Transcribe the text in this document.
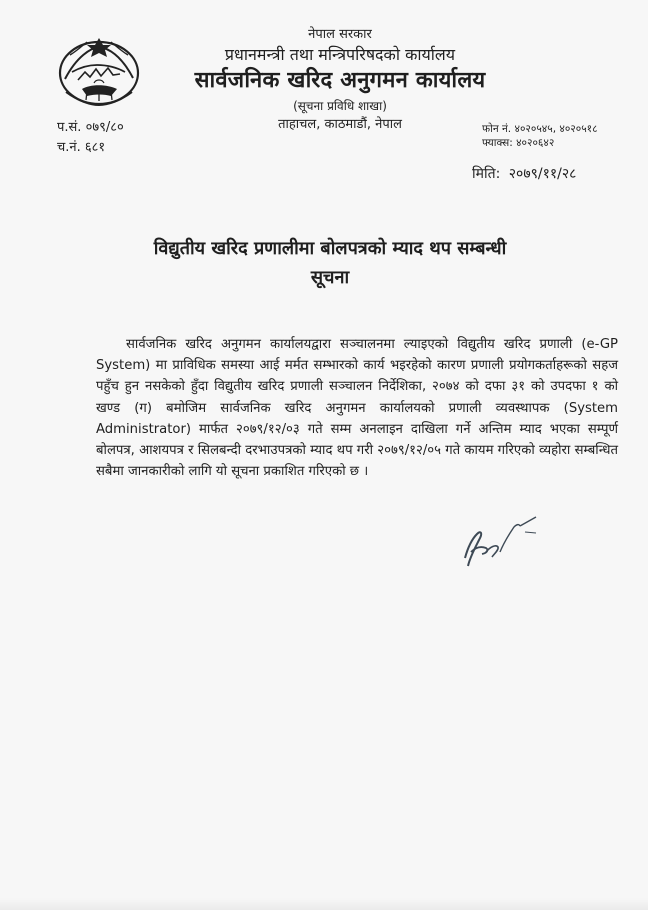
नेपाल सरकार
प्रधानमन्त्री तथा मन्त्रिपरिषदको कार्यालय
सार्वजनिक खरिद अनुगमन कार्यालय
(सूचना प्रविधि शाखा)
ताहाचल, काठमाडौं, नेपाल
प.सं. ०७९/८०
च.नं. ६८१
फोन नं. ४०२०५४५, ४०२०५१८
फ्याक्स: ४०२०६४२
मिति: २०७९/११/२८
विद्युतीय खरिद प्रणालीमा बोलपत्रको म्याद थप सम्बन्धी
सूचना
सार्वजनिक खरिद अनुगमन कार्यालयद्वारा सञ्चालनमा ल्याइएको विद्युतीय खरिद प्रणाली (e-GP System) मा प्राविधिक समस्या आई मर्मत सम्भारको कार्य भइरहेको कारण प्रणाली प्रयोगकर्ताहरूको सहज पहुँच हुन नसकेको हुँदा विद्युतीय खरिद प्रणाली सञ्चालन निर्देशिका, २०७४ को दफा ३१ को उपदफा १ को खण्ड (ग) बमोजिम सार्वजनिक खरिद अनुगमन कार्यालयको प्रणाली व्यवस्थापक (System Administrator) मार्फत २०७९/१२/०३ गते सम्म अनलाइन दाखिला गर्ने अन्तिम म्याद भएका सम्पूर्ण बोलपत्र, आशयपत्र र सिलबन्दी दरभाउपत्रको म्याद थप गरी २०७९/१२/०५ गते कायम गरिएको व्यहोरा सम्बन्धित सबैमा जानकारीको लागि यो सूचना प्रकाशित गरिएको छ ।
